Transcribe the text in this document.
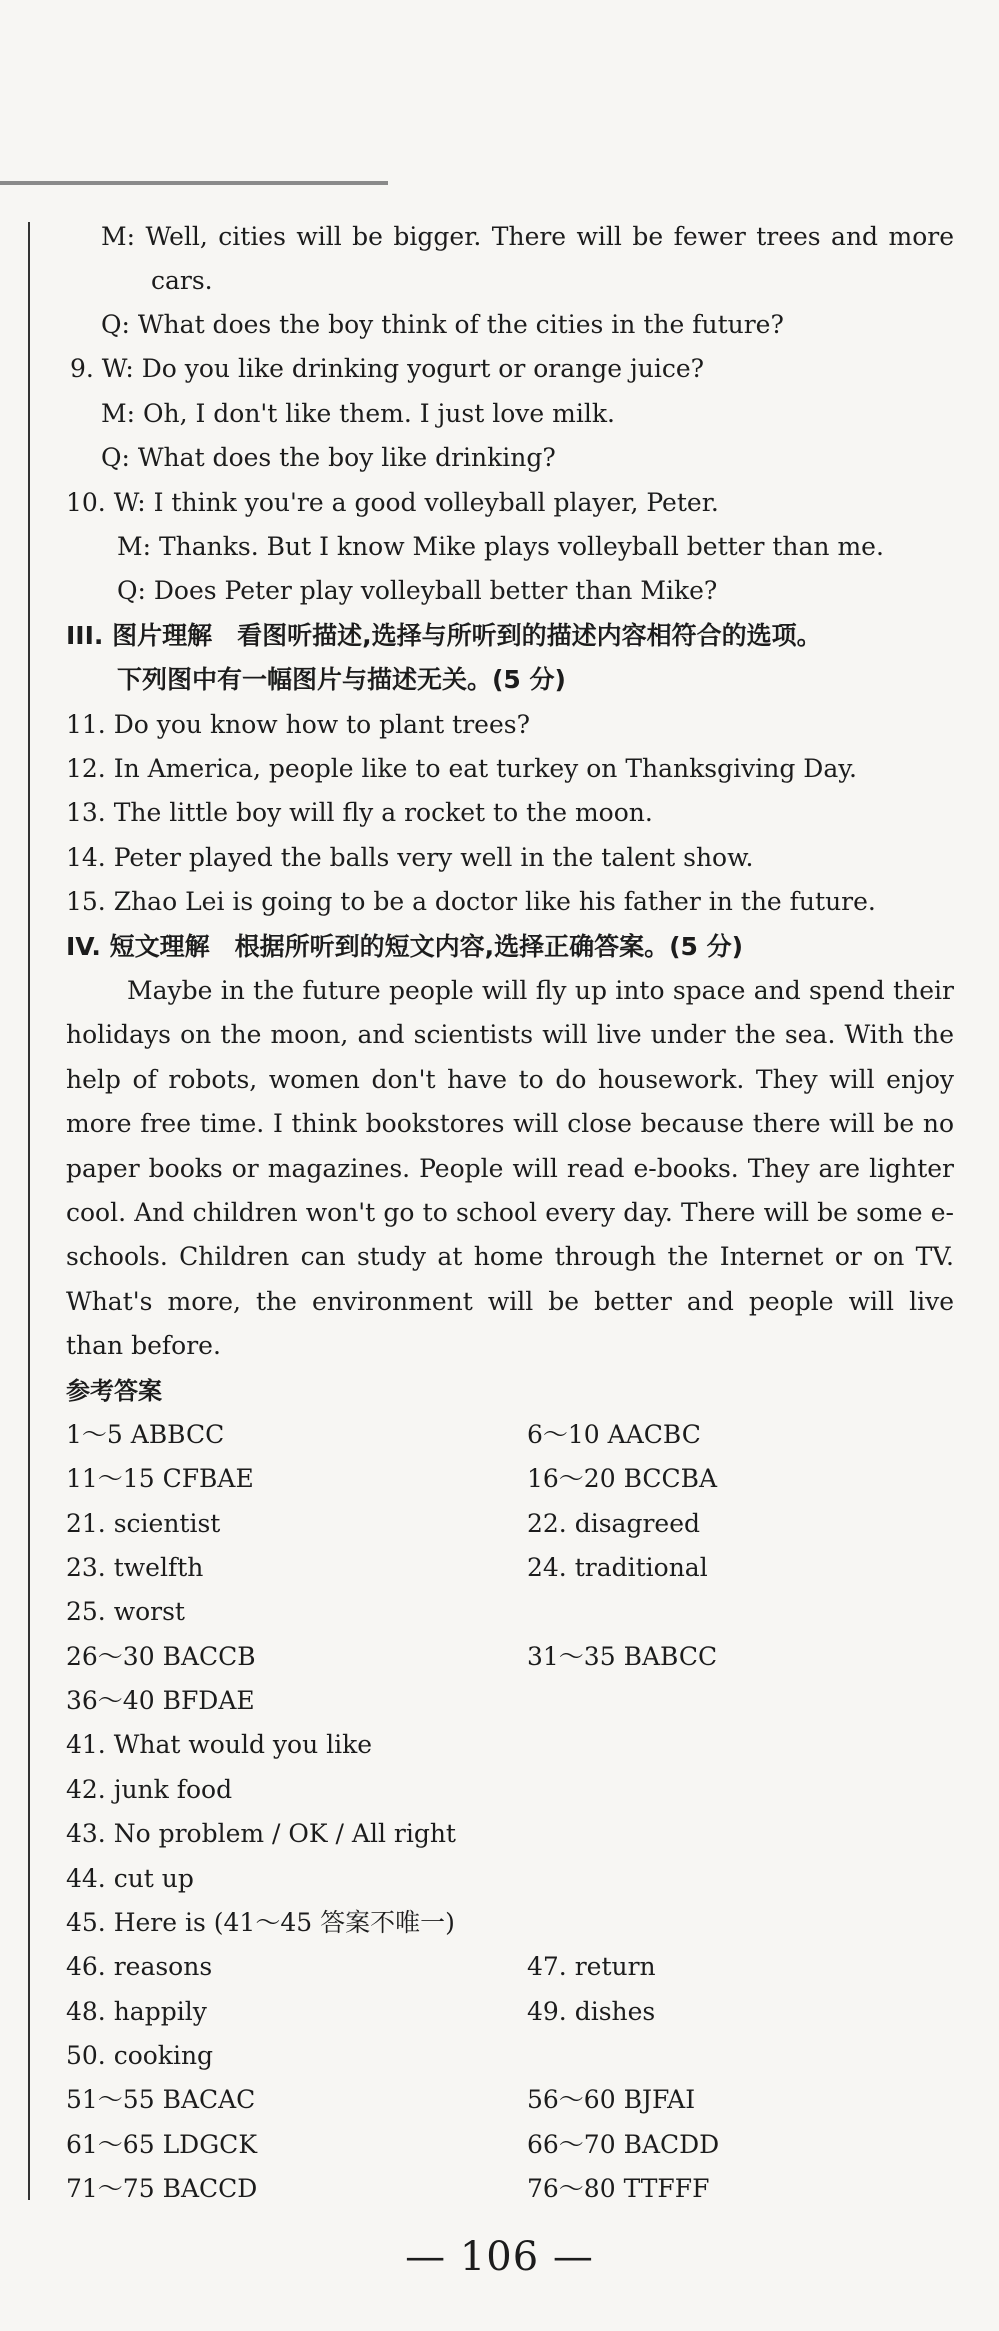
M: Well, cities will be bigger. There will be fewer trees and more
cars.
Q: What does the boy think of the cities in the future?
9. W: Do you like drinking yogurt or orange juice?
M: Oh, I don't like them. I just love milk.
Q: What does the boy like drinking?
10. W: I think you're a good volleyball player, Peter.
M: Thanks. But I know Mike plays volleyball better than me.
Q: Does Peter play volleyball better than Mike?
III. 图片理解　看图听描述,选择与所听到的描述内容相符合的选项。
下列图中有一幅图片与描述无关。(5 分)
11. Do you know how to plant trees?
12. In America, people like to eat turkey on Thanksgiving Day.
13. The little boy will fly a rocket to the moon.
14. Peter played the balls very well in the talent show.
15. Zhao Lei is going to be a doctor like his father in the future.
IV. 短文理解　根据所听到的短文内容,选择正确答案。(5 分)
Maybe in the future people will fly up into space and spend their
holidays on the moon, and scientists will live under the sea. With the
help of robots, women don't have to do housework. They will enjoy
more free time. I think bookstores will close because there will be no
paper books or magazines. People will read e-books. They are lighter
cool. And children won't go to school every day. There will be some e-
schools. Children can study at home through the Internet or on TV.
What's more, the environment will be better and people will live
than before.
参考答案
1～5 ABBCC	6～10 AACBC
11～15 CFBAE	16～20 BCCBA
21. scientist	22. disagreed
23. twelfth	24. traditional
25. worst
26～30 BACCB	31～35 BABCC
36～40 BFDAE
41. What would you like
42. junk food
43. No problem / OK / All right
44. cut up
45. Here is (41～45 答案不唯一)
46. reasons	47. return
48. happily	49. dishes
50. cooking
51～55 BACAC	56～60 BJFAI
61～65 LDGCK	66～70 BACDD
71～75 BACCD	76～80 TTFFF
— 106 —
